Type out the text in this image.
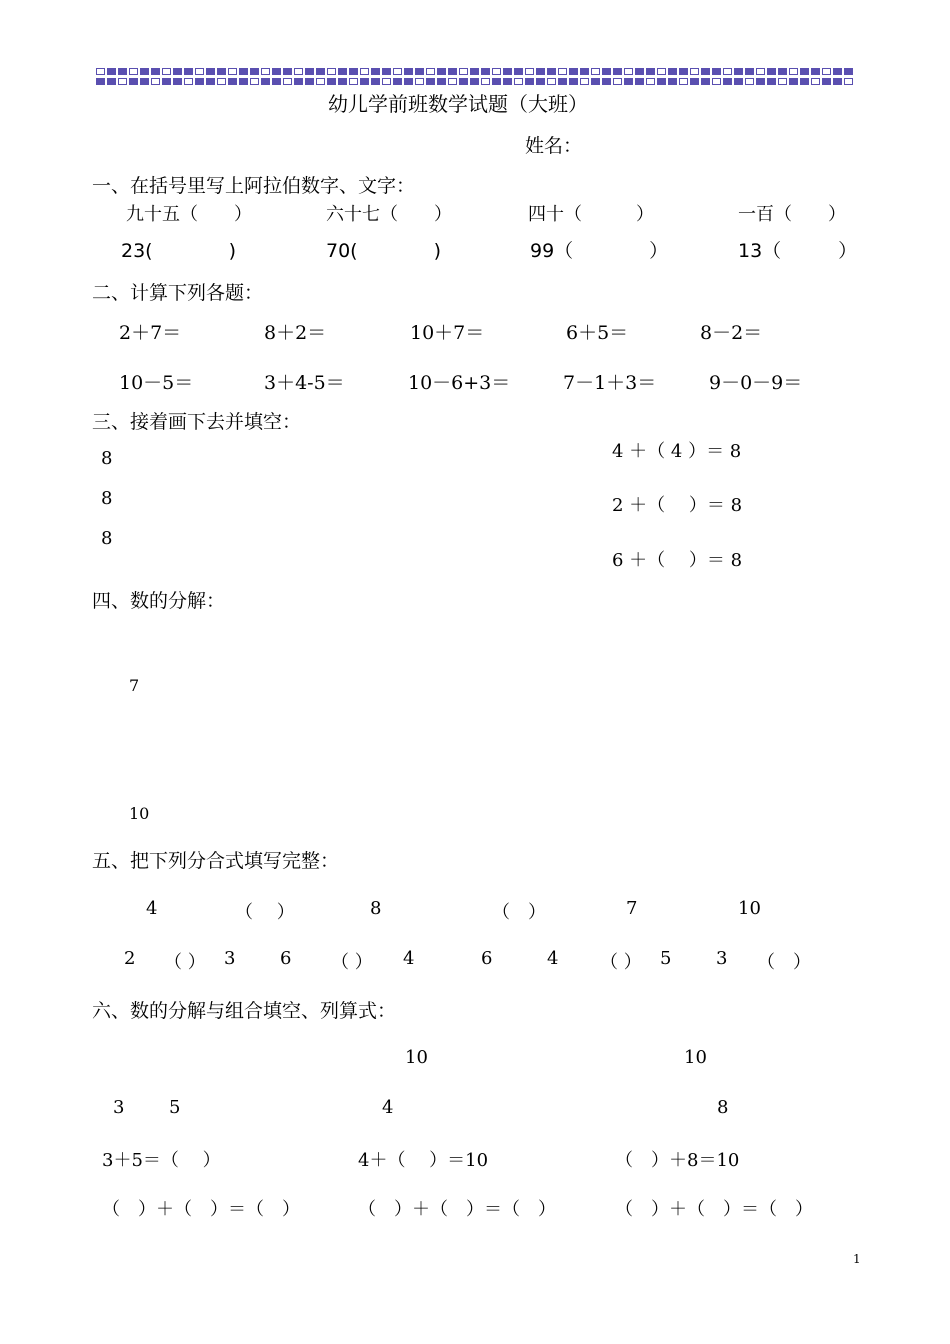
幼儿学前班数学试题（大班）
姓名：
一、在括号里写上阿拉伯数字、文字：
九十五（　　）	六十七（　　）	四十（　　　）	一百（　　）
23(　　　　)	70(　　　　)	99（　　　　）	13（　　　）
二、计算下列各题：
2＋7＝	8＋2＝	10＋7＝	6＋5＝	8－2＝
10－5＝	3＋4-5＝	10－6+3＝	7－1＋3＝	9－0－9＝
三、接着画下去并填空：
8
8
8
4 ＋（ 4 ）＝ 8
2 ＋（　 ）＝ 8
6 ＋（　 ）＝ 8
四、数的分解：
7
10
五、把下列分合式填写完整：
4	（　 ）	8	（　）	7	10
2 （ ） 3 6 （ ） 4	6	4 （ ） 5 3 （　）
六、数的分解与组合填空、列算式：
10	10
3 5	4	8
3＋5＝（　 ）	4＋（　 ）＝10	（　）＋8＝10
（　）＋（　）＝（　）	（　）＋（　）＝（　）	（　）＋（　）＝（　）
1
